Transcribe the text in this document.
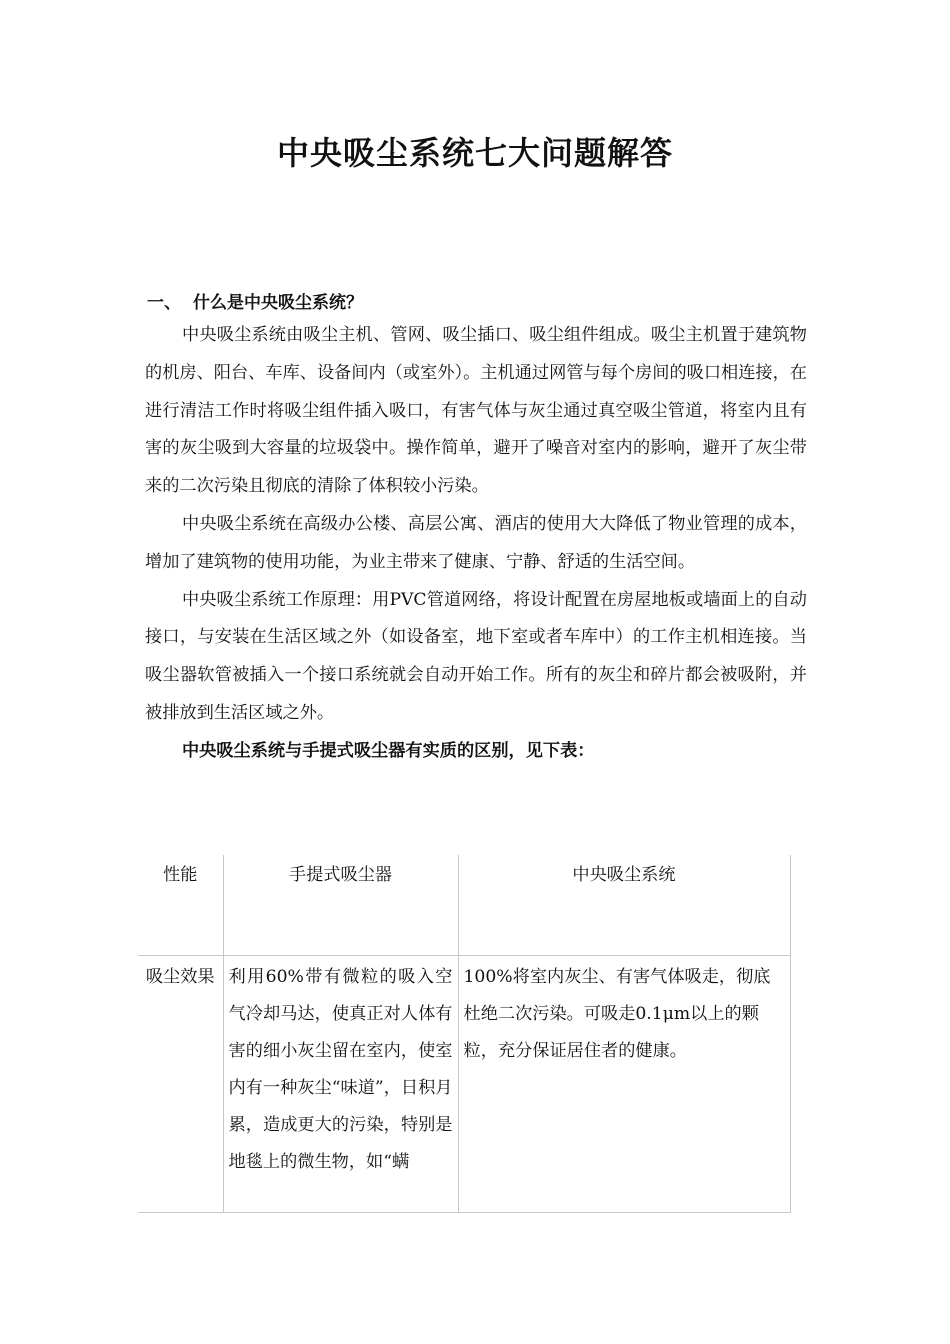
中央吸尘系统七大问题解答
一、 什么是中央吸尘系统？

中央吸尘系统由吸尘主机、管网、吸尘插口、吸尘组件组成。吸尘主机置于建筑物的机房、阳台、车库、设备间内（或室外）。主机通过网管与每个房间的吸口相连接，在进行清洁工作时将吸尘组件插入吸口，有害气体与灰尘通过真空吸尘管道，将室内且有害的灰尘吸到大容量的垃圾袋中。操作简单，避开了噪音对室内的影响，避开了灰尘带来的二次污染且彻底的清除了体积较小污染。

中央吸尘系统在高级办公楼、高层公寓、酒店的使用大大降低了物业管理的成本，增加了建筑物的使用功能，为业主带来了健康、宁静、舒适的生活空间。

中央吸尘系统工作原理：用PVC管道网络，将设计配置在房屋地板或墙面上的自动接口，与安装在生活区域之外（如设备室，地下室或者车库中）的工作主机相连接。当吸尘器软管被插入一个接口系统就会自动开始工作。所有的灰尘和碎片都会被吸附，并被排放到生活区域之外。

中央吸尘系统与手提式吸尘器有实质的区别，见下表：

性能	手提式吸尘器	中央吸尘系统
吸尘效果	利用60%带有微粒的吸入空气冷却马达，使真正对人体有害的细小灰尘留在室内，使室内有一种灰尘“味道”，日积月累，造成更大的污染，特别是地毯上的微生物，如“螨	100%将室内灰尘、有害气体吸走，彻底杜绝二次污染。可吸走0.1μm以上的颗粒，充分保证居住者的健康。
